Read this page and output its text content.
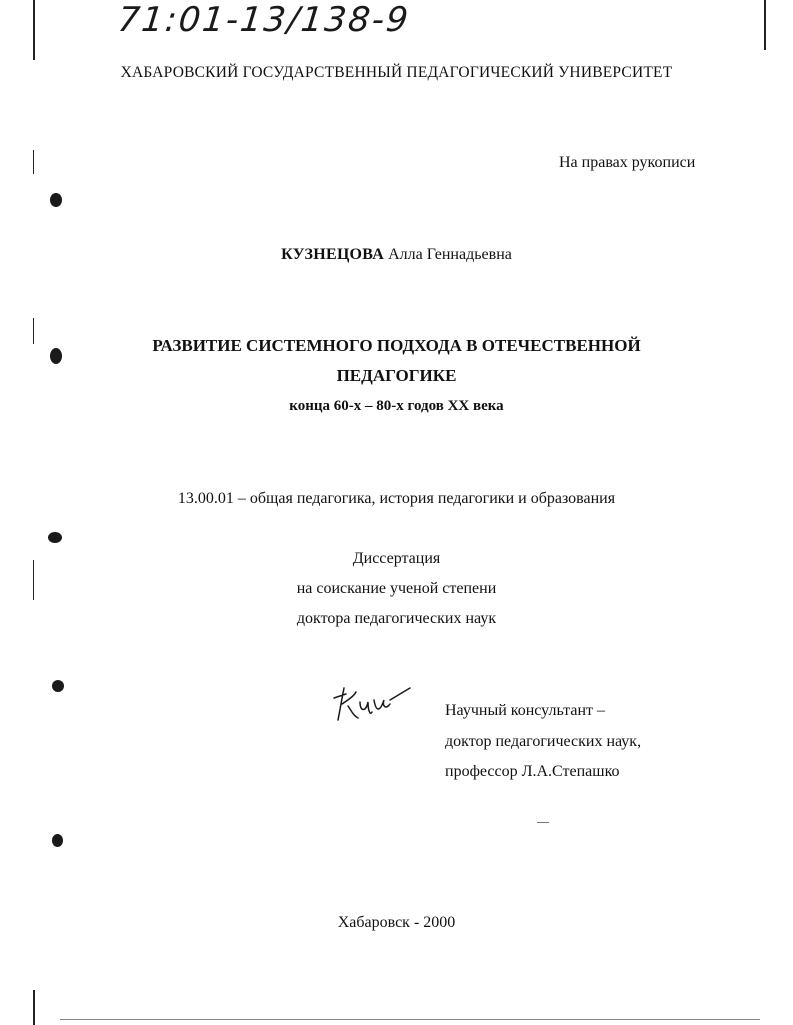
71:01-13/138-9
ХАБАРОВСКИЙ ГОСУДАРСТВЕННЫЙ ПЕДАГОГИЧЕСКИЙ УНИВЕРСИТЕТ
На правах рукописи
КУЗНЕЦОВА Алла Геннадьевна
РАЗВИТИЕ СИСТЕМНОГО ПОДХОДА В ОТЕЧЕСТВЕННОЙ
ПЕДАГОГИКЕ
конца 60-х – 80-х годов XX века
13.00.01 – общая педагогика, история педагогики и образования
Диссертация
на соискание ученой степени
доктора педагогических наук
Научный консультант –
доктор педагогических наук,
профессор Л.А.Степашко
Хабаровск - 2000
